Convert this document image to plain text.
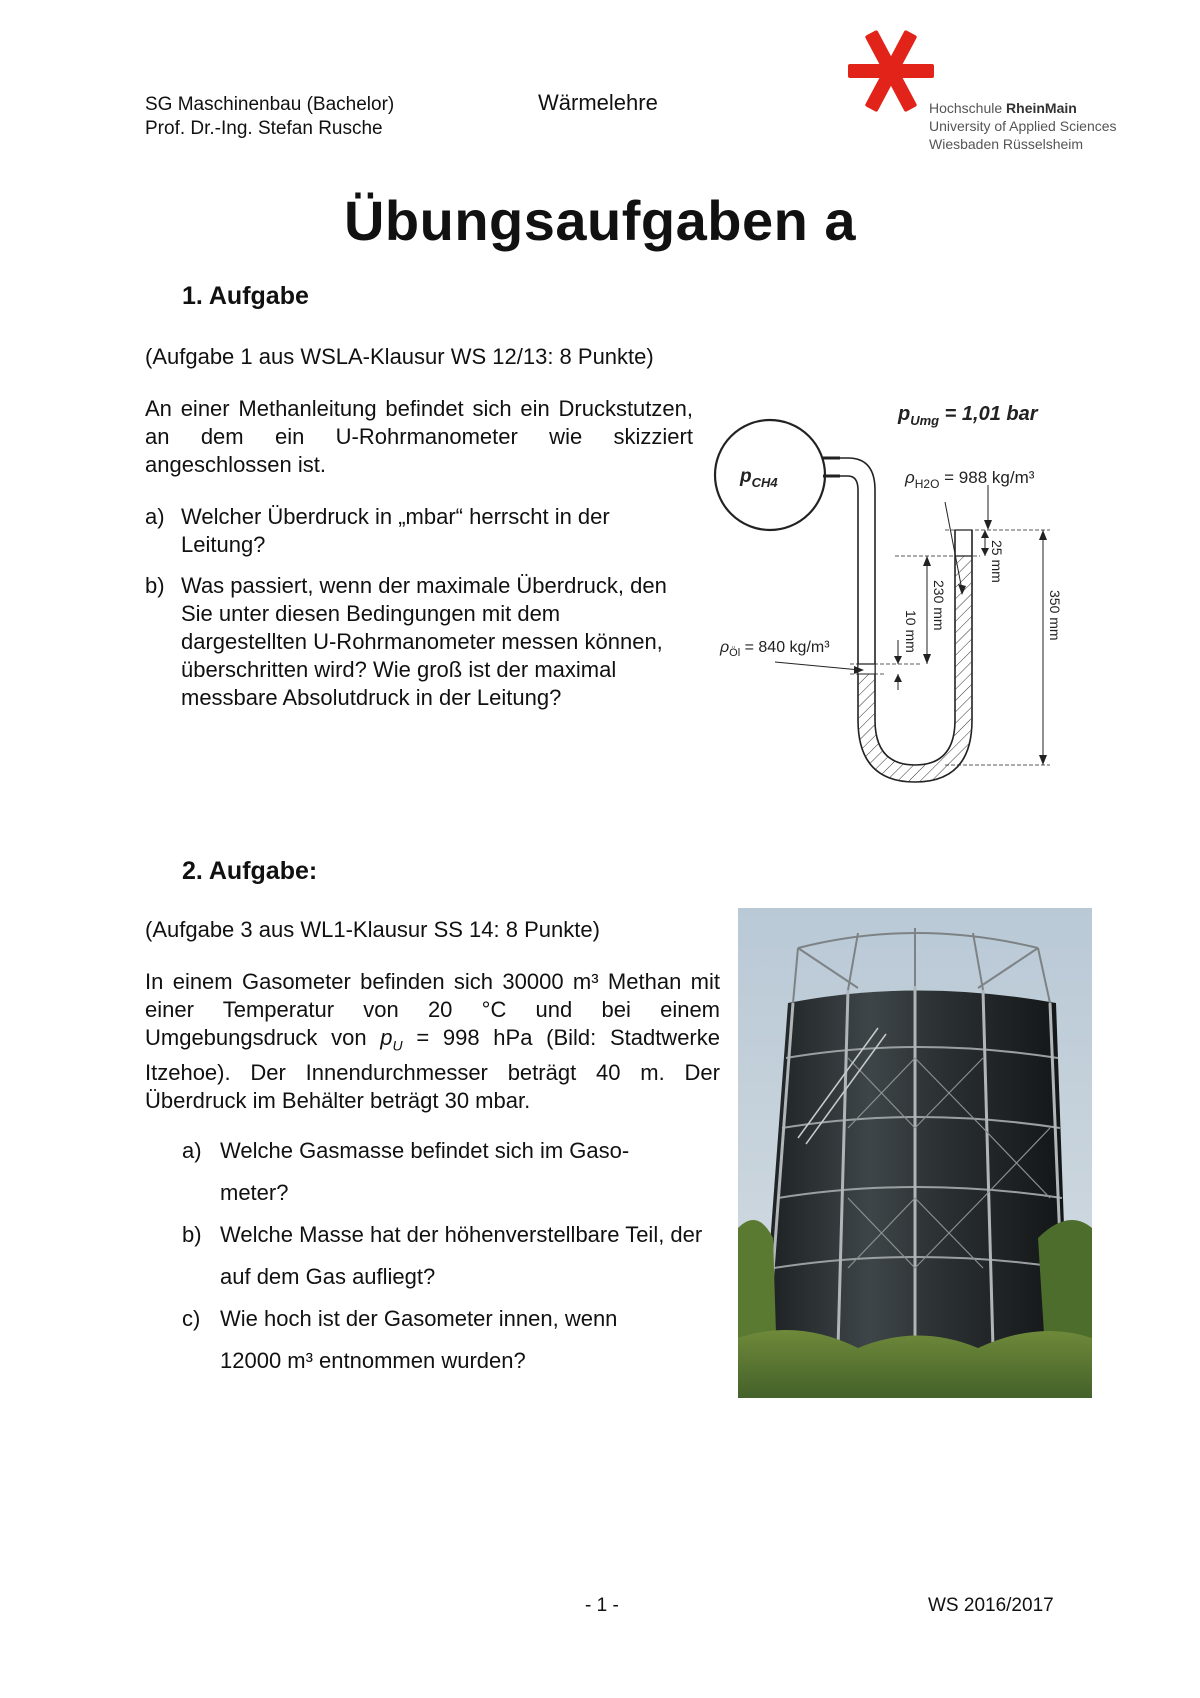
SG Maschinenbau (Bachelor)
Prof. Dr.-Ing. Stefan Rusche
Wärmelehre	Hochschule RheinMain
University of Applied Sciences
Wiesbaden Rüsselsheim
Übungsaufgaben a
1. Aufgabe
(Aufgabe 1 aus WSLA-Klausur WS 12/13: 8 Punkte)
An einer Methanleitung befindet sich ein Druckstutzen, an dem ein U-Rohrmanometer wie skizziert angeschlossen ist.
a) Welcher Überdruck in „mbar“ herrscht in der Leitung?
b) Was passiert, wenn der maximale Überdruck, den Sie unter diesen Bedingungen mit dem dargestellten U-Rohrmanometer messen können, überschritten wird? Wie groß ist der maximal messbare Absolutdruck in der Leitung?
$p_{Umg} = 1,01$ bar
$p_{CH4}$	$\rho_{H2O} = 988$ kg/m³
$\rho_{Öl} = 840$ kg/m³
25 mm
230 mm
10 mm	350 mm
2. Aufgabe:
(Aufgabe 3 aus WL1-Klausur SS 14: 8 Punkte)
In einem Gasometer befinden sich 30000 m³ Methan mit einer Temperatur von 20 °C und bei einem Umgebungsdruck von $p_U = 998$ hPa (Bild: Stadtwerke Itzehoe). Der Innendurchmesser beträgt 40 m. Der Überdruck im Behälter beträgt 30 mbar.
a) Welche Gasmasse befindet sich im Gaso-meter?
b) Welche Masse hat der höhenverstellbare Teil, der auf dem Gas aufliegt?
c) Wie hoch ist der Gasometer innen, wenn 12000 m³ entnommen wurden?
- 1 -	WS 2016/2017
